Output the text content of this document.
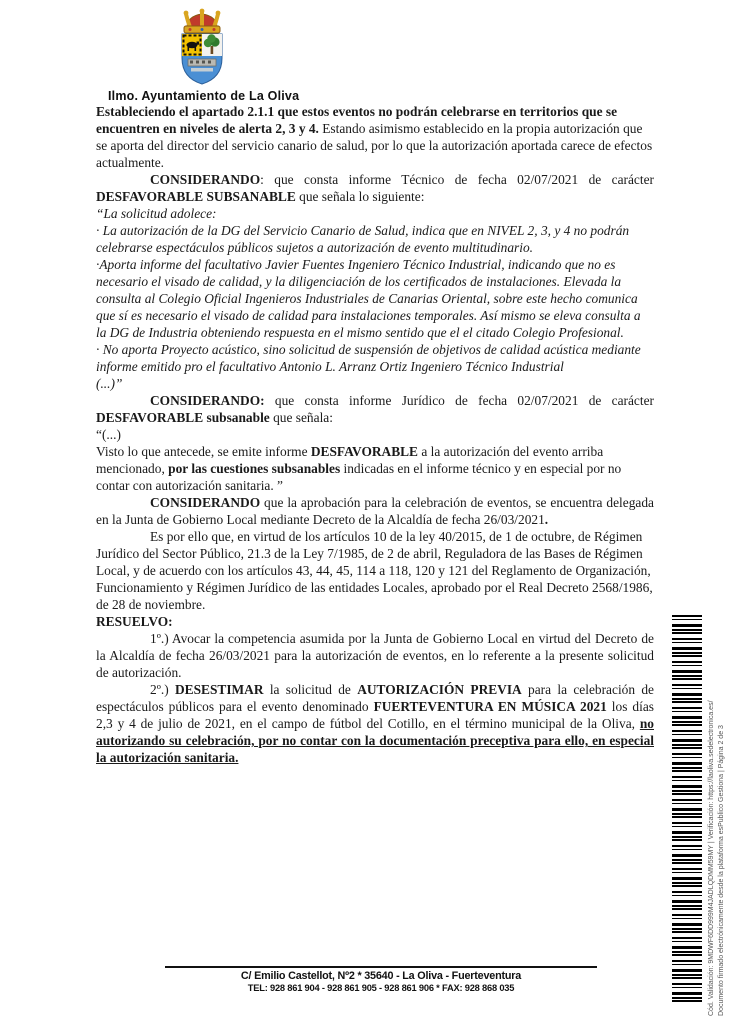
Ilmo. Ayuntamiento de La Oliva

Estableciendo el apartado 2.1.1 que estos eventos no podrán celebrarse en territorios que se encuentren en niveles de alerta 2, 3 y 4. Estando asimismo establecido en la propia autorización que se aporta del director del servicio canario de salud, por lo que la autorización aportada carece de efectos actualmente.

CONSIDERANDO: que consta informe Técnico de fecha 02/07/2021 de carácter DESFAVORABLE SUBSANABLE que señala lo siguiente:

“La solicitud adolece:

· La autorización de la DG del Servicio Canario de Salud, indica que en NIVEL 2, 3, y 4 no podrán celebrarse espectáculos públicos sujetos a autorización de evento multitudinario.
·Aporta informe del facultativo Javier Fuentes Ingeniero Técnico Industrial, indicando que no es necesario el visado de calidad, y la diligenciación de los certificados de instalaciones. Elevada la consulta al Colegio Oficial Ingenieros Industriales de Canarias Oriental, sobre este hecho comunica que sí es necesario el visado de calidad para instalaciones temporales. Así mismo se eleva consulta a la DG de Industria obteniendo respuesta en el mismo sentido que el el citado Colegio Profesional.
· No aporta Proyecto acústico, sino solicitud de suspensión de objetivos de calidad acústica mediante informe emitido pro el facultativo Antonio L. Arranz Ortiz Ingeniero Técnico Industrial
(...)”

CONSIDERANDO: que consta informe Jurídico de fecha 02/07/2021 de carácter DESFAVORABLE subsanable que señala:

“(...)

Visto lo que antecede, se emite informe DESFAVORABLE a la autorización del evento arriba mencionado, por las cuestiones subsanables indicadas en el informe técnico y en especial por no contar con autorización sanitaria. ”

CONSIDERANDO que la aprobación para la celebración de eventos, se encuentra delegada en la Junta de Gobierno Local mediante Decreto de la Alcaldía de fecha 26/03/2021.

Es por ello que, en virtud de los artículos 10 de la ley 40/2015, de 1 de octubre, de Régimen Jurídico del Sector Público, 21.3 de la Ley 7/1985, de 2 de abril, Reguladora de las Bases de Régimen Local, y de acuerdo con los artículos 43, 44, 45, 114 a 118, 120 y 121 del Reglamento de Organización, Funcionamiento y Régimen Jurídico de las entidades Locales, aprobado por el Real Decreto 2568/1986, de 28 de noviembre.

RESUELVO:

1º.) Avocar la competencia asumida por la Junta de Gobierno Local en virtud del Decreto de la Alcaldía de fecha 26/03/2021 para la autorización de eventos, en lo referente a la presente solicitud de autorización.

2º.) DESESTIMAR la solicitud de AUTORIZACIÓN PREVIA para la celebración de espectáculos públicos para el evento denominado FUERTEVENTURA EN MÚSICA 2021 los días 2,3 y 4 de julio de 2021, en el campo de fútbol del Cotillo, en el término municipal de la Oliva, no autorizando su celebración, por no contar con la documentación preceptiva para ello, en especial la autorización sanitaria.

C/ Emilio Castellot, Nº2 * 35640 - La Oliva - Fuerteventura
TEL: 928 861 904 - 928 861 905 - 928 861 906 * FAX: 928 868 035	Cód. Validación: 9MDWF6DD999M4JADLQDMM59MY | Verificación: https://laoliva.sedelectronica.es/ Documento firmado electrónicamente desde la plataforma esPublico Gestiona | Página 2 de 3
